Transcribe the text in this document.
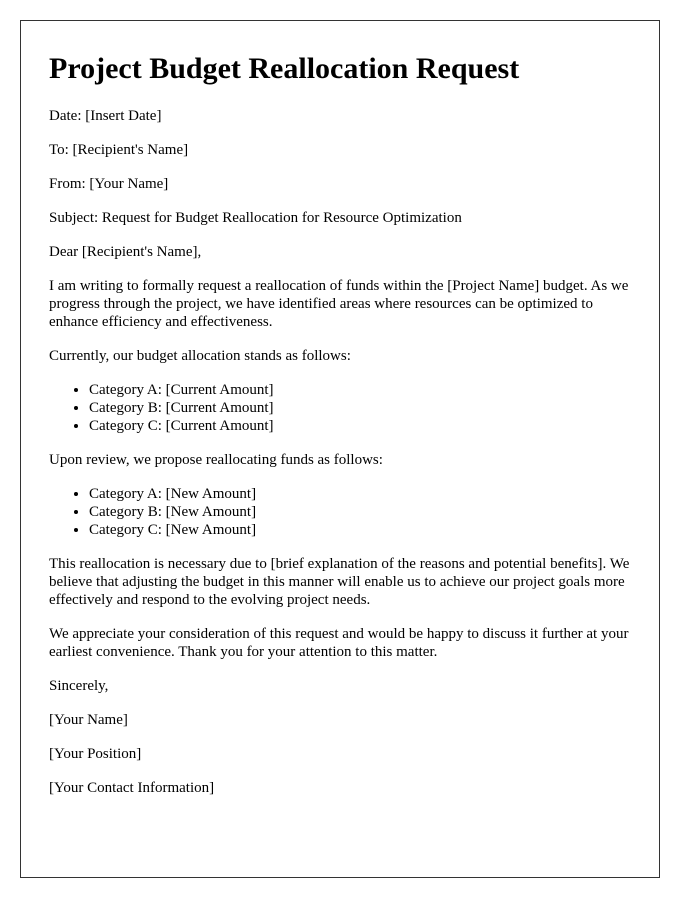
Project Budget Reallocation Request

Date: [Insert Date]

To: [Recipient's Name]

From: [Your Name]

Subject: Request for Budget Reallocation for Resource Optimization

Dear [Recipient's Name],

I am writing to formally request a reallocation of funds within the [Project Name] budget. As we progress through the project, we have identified areas where resources can be optimized to enhance efficiency and effectiveness.

Currently, our budget allocation stands as follows:

• Category A: [Current Amount]
• Category B: [Current Amount]
• Category C: [Current Amount]

Upon review, we propose reallocating funds as follows:

• Category A: [New Amount]
• Category B: [New Amount]
• Category C: [New Amount]

This reallocation is necessary due to [brief explanation of the reasons and potential benefits]. We believe that adjusting the budget in this manner will enable us to achieve our project goals more effectively and respond to the evolving project needs.

We appreciate your consideration of this request and would be happy to discuss it further at your earliest convenience. Thank you for your attention to this matter.

Sincerely,

[Your Name]

[Your Position]

[Your Contact Information]
